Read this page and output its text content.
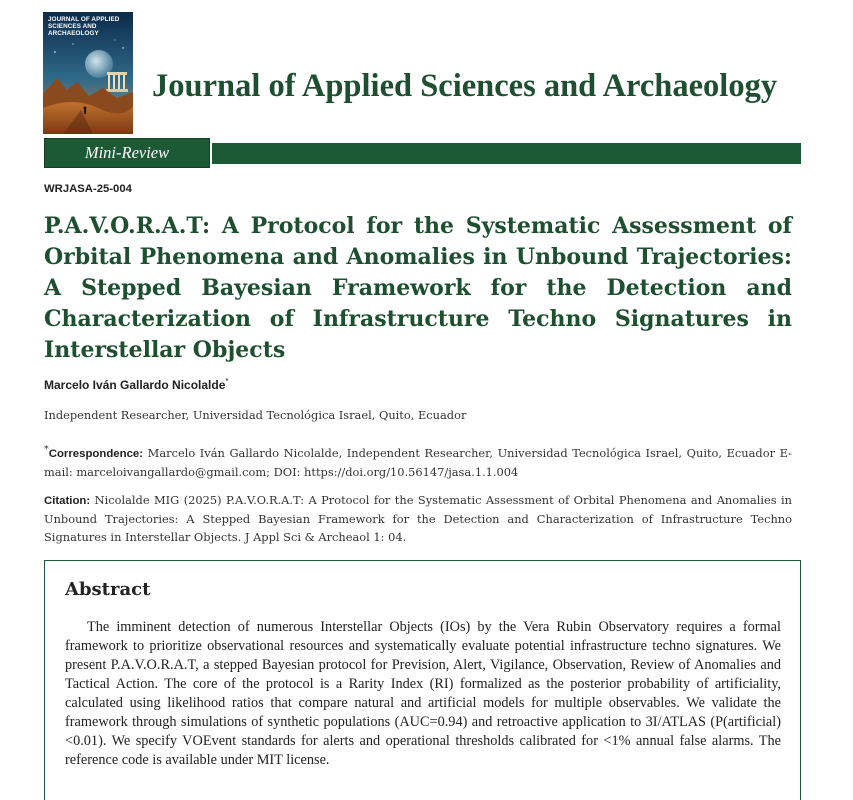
JOURNAL OF APPLIED SCIENCES AND ARCHAEOLOGY
Journal of Applied Sciences and Archaeology
Mini-Review
WRJASA-25-004
P.A.V.O.R.A.T: A Protocol for the Systematic Assessment of Orbital Phenomena and Anomalies in Unbound Trajectories: A Stepped Bayesian Framework for the Detection and Characterization of Infrastructure Techno Signatures in Interstellar Objects
Marcelo Iván Gallardo Nicolalde*
Independent Researcher, Universidad Tecnológica Israel, Quito, Ecuador
*Correspondence: Marcelo Iván Gallardo Nicolalde, Independent Researcher, Universidad Tecnológica Israel, Quito, Ecuador E-mail: marceloivangallardo@gmail.com; DOI: https://doi.org/10.56147/jasa.1.1.004
Citation: Nicolalde MIG (2025) P.A.V.O.R.A.T: A Protocol for the Systematic Assessment of Orbital Phenomena and Anomalies in Unbound Trajectories: A Stepped Bayesian Framework for the Detection and Characterization of Infrastructure Techno Signatures in Interstellar Objects. J Appl Sci & Archeaol 1: 04.
Abstract

The imminent detection of numerous Interstellar Objects (IOs) by the Vera Rubin Observatory requires a formal framework to prioritize observational resources and systematically evaluate potential infrastructure techno signatures. We present P.A.V.O.R.A.T, a stepped Bayesian protocol for Prevision, Alert, Vigilance, Observation, Review of Anomalies and Tactical Action. The core of the protocol is a Rarity Index (RI) formalized as the posterior probability of artificiality, calculated using likelihood ratios that compare natural and artificial models for multiple observables. We validate the framework through simulations of synthetic populations (AUC=0.94) and retroactive application to 3I/ATLAS (P(artificial) <0.01). We specify VOEvent standards for alerts and operational thresholds calibrated for <1% annual false alarms. The reference code is available under MIT license.
